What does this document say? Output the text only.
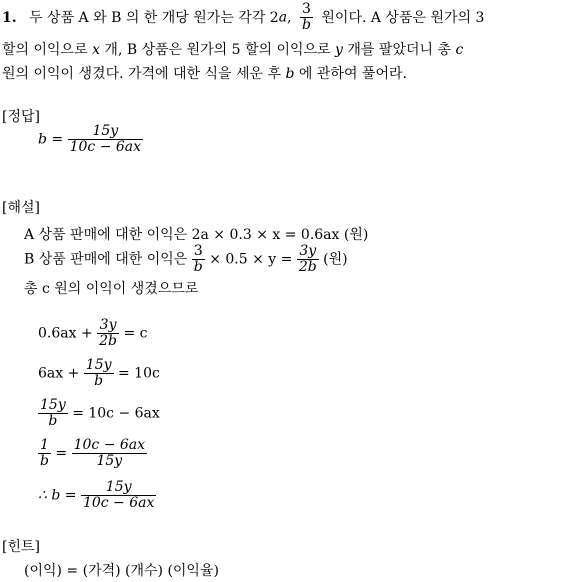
1. 두 상품 A 와 B 의 한 개당 원가는 각각 2a, $\frac{3}{b}$ 원이다. A 상품은 원가의 3
할의 이익으로 x 개, B 상품은 원가의 5 할의 이익으로 y 개를 팔았더니 총 c
원의 이익이 생겼다. 가격에 대한 식을 세운 후 b 에 관하여 풀어라.
[정답]
$b = \frac{15y}{10c - 6ax}$
[해설]
A 상품 판매에 대한 이익은 2a × 0.3 × x = 0.6ax (원)
B 상품 판매에 대한 이익은 $\frac{3}{b} \times 0.5 \times y = \frac{3y}{2b}$ (원)
총 c 원의 이익이 생겼으므로
$0.6ax + \frac{3y}{2b} = c$
$6ax + \frac{15y}{b} = 10c$
$\frac{15y}{b} = 10c - 6ax$
$\frac{1}{b} = \frac{10c - 6ax}{15y}$
∴ $b = \frac{15y}{10c - 6ax}$
[힌트]
(이익) = (가격) (개수) (이익율)
